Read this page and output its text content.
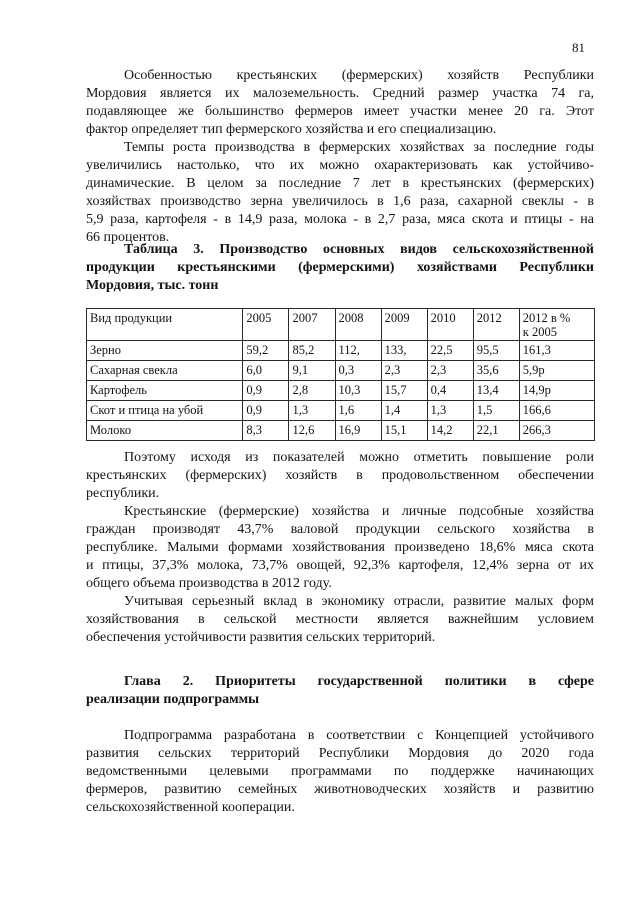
81
Особенностью крестьянских (фермерских) хозяйств Республики
Мордовия является их малоземельность. Средний размер участка 74 га,
подавляющее же большинство фермеров имеет участки менее 20 га. Этот
фактор определяет тип фермерского хозяйства и его специализацию.
Темпы роста производства в фермерских хозяйствах за последние годы
увеличились настолько, что их можно охарактеризовать как устойчиво-
динамические. В целом за последние 7 лет в крестьянских (фермерских)
хозяйствах производство зерна увеличилось в 1,6 раза, сахарной свеклы - в
5,9 раза, картофеля - в 14,9 раза, молока - в 2,7 раза, мяса скота и птицы - на
66 процентов.
Таблица 3. Производство основных видов сельскохозяйственной
продукции крестьянскими (фермерскими) хозяйствами Республики
Мордовия, тыс. тонн
Вид продукции	2005	2007	2008	2009	2010	2012	2012 в %
к 2005
Зерно	59,2	85,2	112,	133,	22,5	95,5	161,3
Сахарная свекла	6,0	9,1	0,3	2,3	2,3	35,6	5,9р
Картофель	0,9	2,8	10,3	15,7	0,4	13,4	14,9р
Скот и птица на убой	0,9	1,3	1,6	1,4	1,3	1,5	166,6
Молоко	8,3	12,6	16,9	15,1	14,2	22,1	266,3
Поэтому исходя из показателей можно отметить повышение роли
крестьянских (фермерских) хозяйств в продовольственном обеспечении
республики.
Крестьянские (фермерские) хозяйства и личные подсобные хозяйства
граждан производят 43,7% валовой продукции сельского хозяйства в
республике. Малыми формами хозяйствования произведено 18,6% мяса скота
и птицы, 37,3% молока, 73,7% овощей, 92,3% картофеля, 12,4% зерна от их
общего объема производства в 2012 году.
Учитывая серьезный вклад в экономику отрасли, развитие малых форм
хозяйствования в сельской местности является важнейшим условием
обеспечения устойчивости развития сельских территорий.
Глава 2. Приоритеты государственной политики в сфере
реализации подпрограммы
Подпрограмма разработана в соответствии с Концепцией устойчивого
развития сельских территорий Республики Мордовия до 2020 года
ведомственными целевыми программами по поддержке начинающих
фермеров, развитию семейных животноводческих хозяйств и развитию
сельскохозяйственной кооперации.
